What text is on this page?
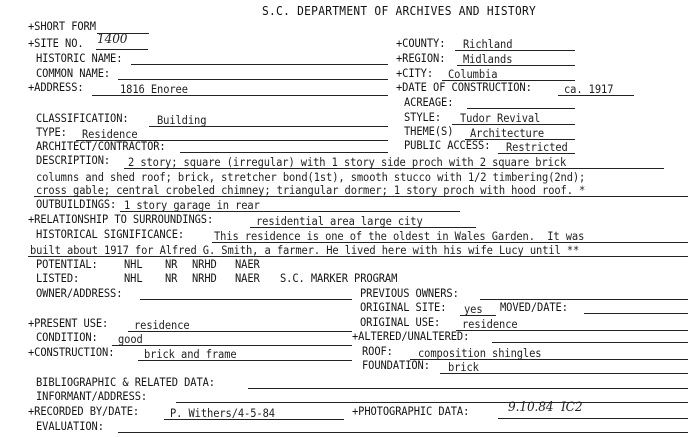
S.C. DEPARTMENT OF ARCHIVES AND HISTORY
+SHORT FORM
+SITE NO. 1400	+COUNTY: Richland
HISTORIC NAME:	+REGION: Midlands
COMMON NAME:	+CITY: Columbia
+ADDRESS:	1816 Enoree	+DATE OF CONSTRUCTION:	ca. 1917
ACREAGE:
CLASSIFICATION:	Building	STYLE: Tudor Revival
TYPE: Residence	THEME(S) Architecture
ARCHITECT/CONTRACTOR:	PUBLIC ACCESS: Restricted
DESCRIPTION: 2 story; square (irregular) with 1 story side proch with 2 square brick
columns and shed roof; brick, stretcher bond(1st), smooth stucco with 1/2 timbering(2nd);
cross gable; central crobeled chimney; triangular dormer; 1 story proch with hood roof. *
OUTBUILDINGS: 1 story garage in rear
+RELATIONSHIP TO SURROUNDINGS:	residential area large city
HISTORICAL SIGNIFICANCE:	This residence is one of the oldest in Wales Garden.  It was
built about 1917 for Alfred G. Smith, a farmer. He lived here with his wife Lucy until **
POTENTIAL: NHL NR NRHD NAER
LISTED:	NHL NR NRHD NAER S.C. MARKER PROGRAM
OWNER/ADDRESS:	PREVIOUS OWNERS:
ORIGINAL SITE: yes MOVED/DATE:
+PRESENT USE: residence	ORIGINAL USE: residence
CONDITION: good	+ALTERED/UNALTERED:
+CONSTRUCTION:	brick and frame	ROOF: composition shingles
FOUNDATION: brick
BIBLIOGRAPHIC & RELATED DATA:
INFORMANT/ADDRESS:
+RECORDED BY/DATE:	P. Withers/4-5-84	+PHOTOGRAPHIC DATA:	9.10.84  IC2
EVALUATION:
